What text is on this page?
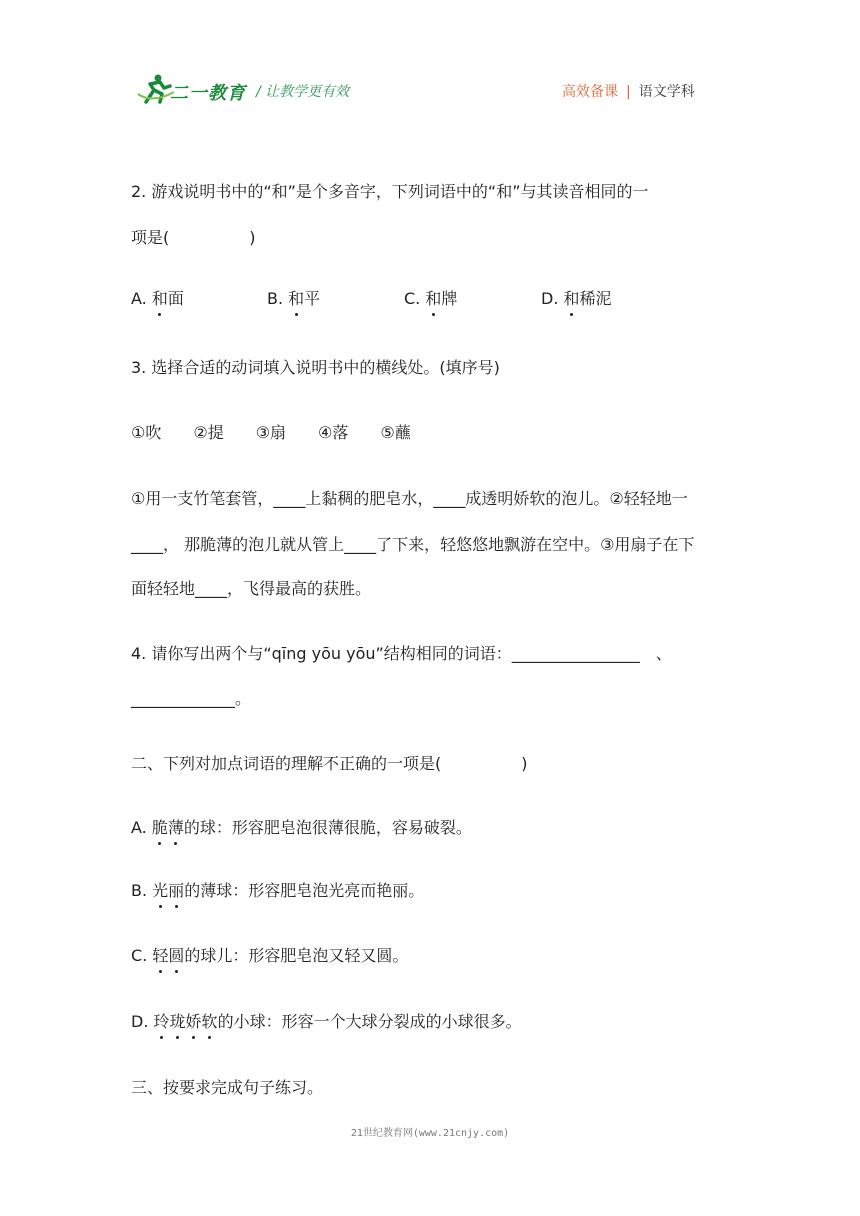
二一教育 / 让教学更有效	高效备课 | 语文学科
2. 游戏说明书中的“和”是个多音字，下列词语中的“和”与其读音相同的一
项是(　　　　　)
A. 和面	B. 和平	C. 和牌	D. 和稀泥
3. 选择合适的动词填入说明书中的横线处。(填序号)
①吹　　②提　　③扇　　④落　　⑤蘸
①用一支竹笔套管，____上黏稠的肥皂水，____成透明娇软的泡儿。②轻轻地一
____， 那脆薄的泡儿就从管上____了下来，轻悠悠地飘游在空中。③用扇子在下
面轻轻地____，飞得最高的获胜。
4. 请你写出两个与“qīng yōu yōu”结构相同的词语：________________　、
_____________。
二、下列对加点词语的理解不正确的一项是(　　　　　)
A. 脆薄的球：形容肥皂泡很薄很脆，容易破裂。
B. 光丽的薄球：形容肥皂泡光亮而艳丽。
C. 轻圆的球儿：形容肥皂泡又轻又圆。
D. 玲珑娇软的小球：形容一个大球分裂成的小球很多。
三、按要求完成句子练习。
21世纪教育网(www.21cnjy.com)
